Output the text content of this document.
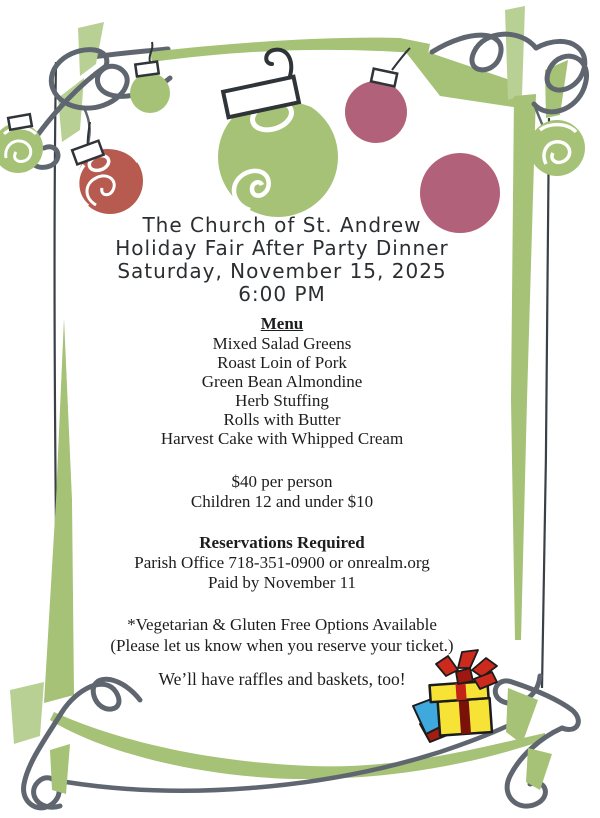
The Church of St. Andrew
Holiday Fair After Party Dinner
Saturday, November 15, 2025
6:00 PM
Menu
Mixed Salad Greens
Roast Loin of Pork
Green Bean Almondine
Herb Stuffing
Rolls with Butter
Harvest Cake with Whipped Cream
$40 per person
Children 12 and under $10
Reservations Required
Parish Office 718-351-0900 or onrealm.org
Paid by November 11
*Vegetarian & Gluten Free Options Available
(Please let us know when you reserve your ticket.)
We’ll have raffles and baskets, too!
